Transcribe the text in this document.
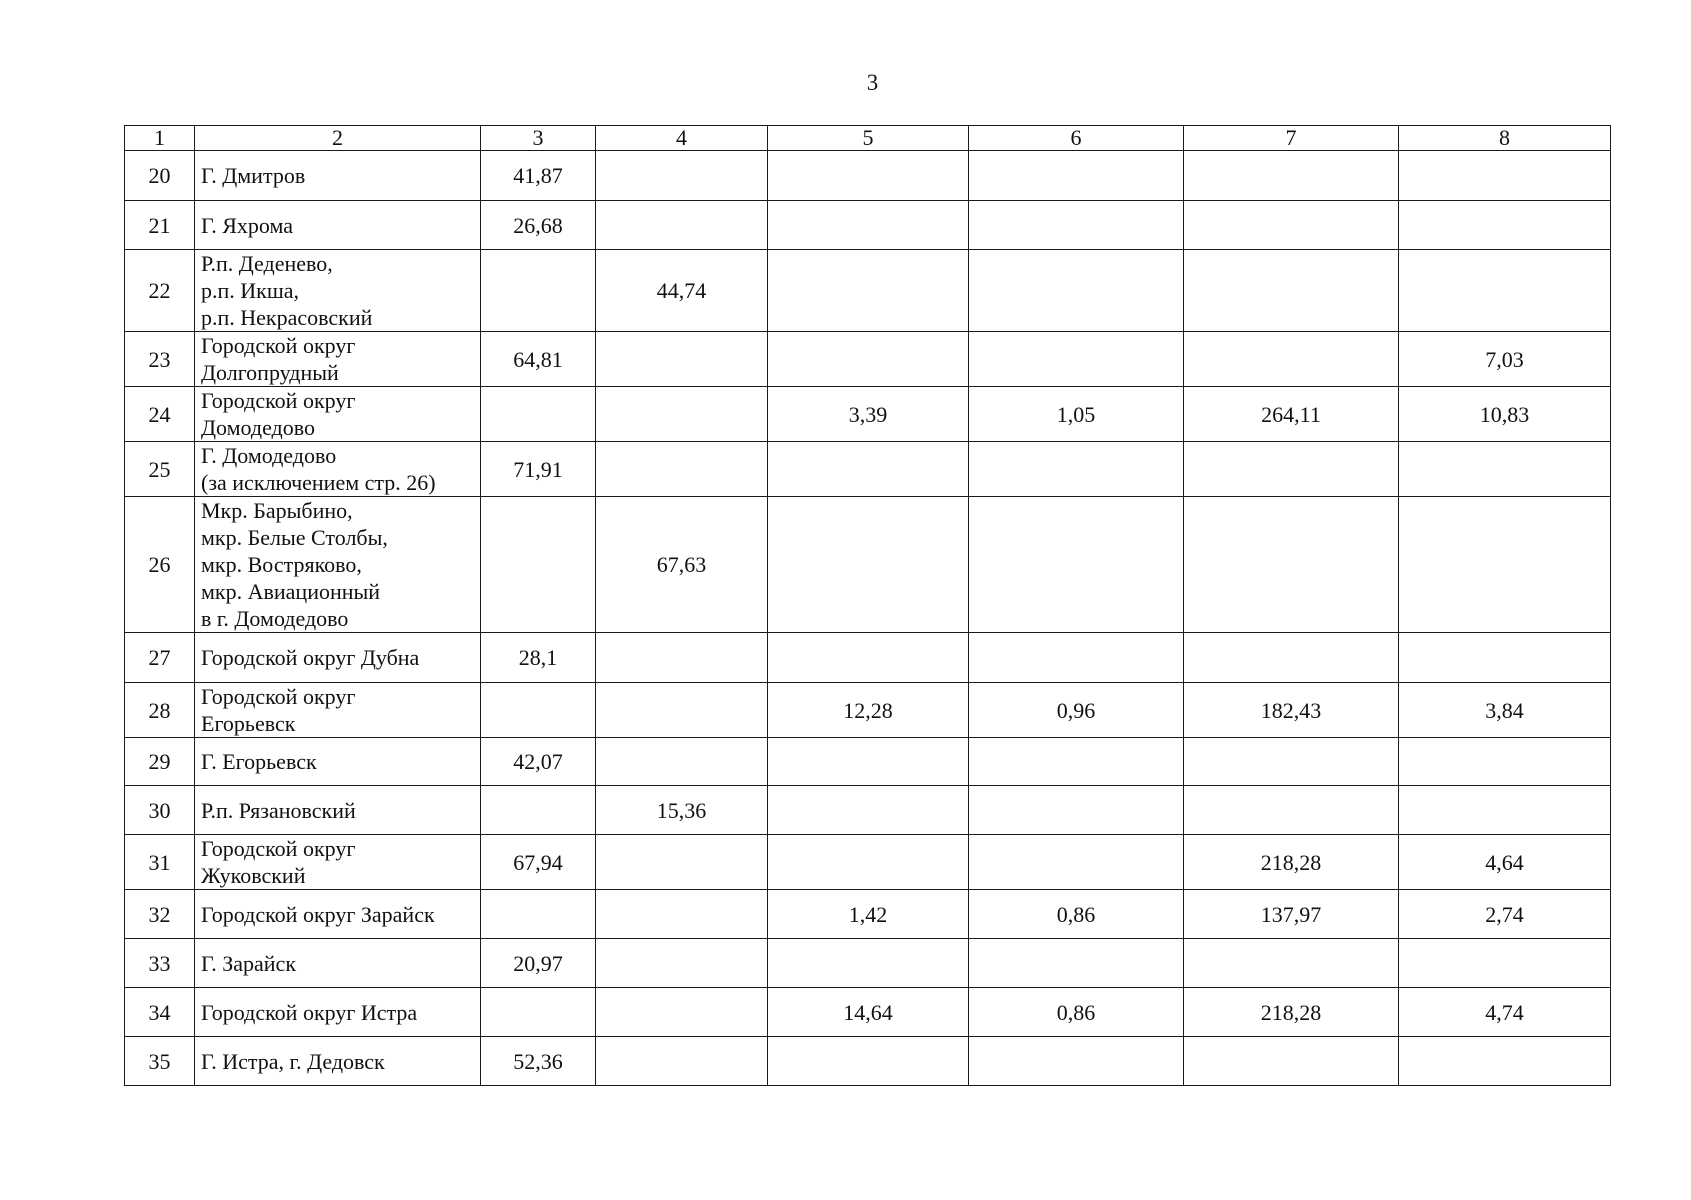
3
1	2	3	4	5	6	7	8
20	Г. Дмитров	41,87					
21	Г. Яхрома	26,68					
22	Р.п. Деденево,
р.п. Икша,
р.п. Некрасовский		44,74				
23	Городской округ
Долгопрудный	64,81					7,03
24	Городской округ
Домодедово			3,39	1,05	264,11	10,83
25	Г. Домодедово
(за исключением стр. 26)	71,91					
26	Мкр. Барыбино,
мкр. Белые Столбы,
мкр. Востряково,
мкр. Авиационный
в г. Домодедово		67,63				
27	Городской округ Дубна	28,1					
28	Городской округ
Егорьевск			12,28	0,96	182,43	3,84
29	Г. Егорьевск	42,07					
30	Р.п. Рязановский		15,36				
31	Городской округ
Жуковский	67,94				218,28	4,64
32	Городской округ Зарайск			1,42	0,86	137,97	2,74
33	Г. Зарайск	20,97					
34	Городской округ Истра			14,64	0,86	218,28	4,74
35	Г. Истра, г. Дедовск	52,36					
